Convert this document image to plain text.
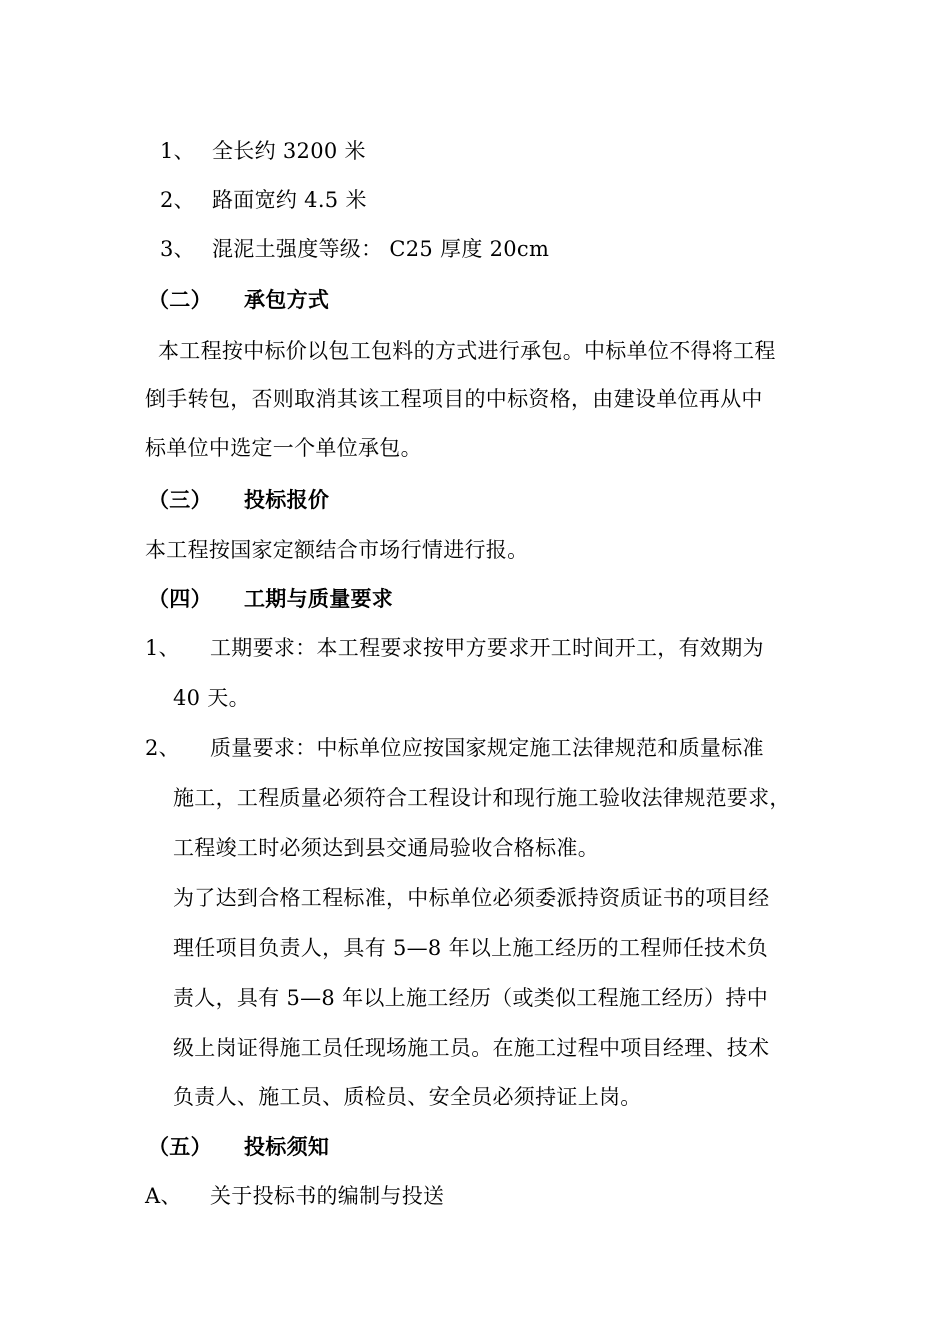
1、 全长约 3200 米
2、 路面宽约 4.5 米
3、 混泥土强度等级： C25 厚度 20cm
（二） 承包方式
本工程按中标价以包工包料的方式进行承包。中标单位不得将工程
倒手转包，否则取消其该工程项目的中标资格，由建设单位再从中
标单位中选定一个单位承包。
（三） 投标报价
本工程按国家定额结合市场行情进行报。
（四） 工期与质量要求
1、 工期要求：本工程要求按甲方要求开工时间开工，有效期为
40 天。
2、 质量要求：中标单位应按国家规定施工法律规范和质量标准
施工，工程质量必须符合工程设计和现行施工验收法律规范要求，
工程竣工时必须达到县交通局验收合格标准。
为了达到合格工程标准，中标单位必须委派持资质证书的项目经
理任项目负责人，具有 5—8 年以上施工经历的工程师任技术负
责人，具有 5—8 年以上施工经历（或类似工程施工经历）持中
级上岗证得施工员任现场施工员。在施工过程中项目经理、技术
负责人、施工员、质检员、安全员必须持证上岗。
（五） 投标须知
A、 关于投标书的编制与投送
